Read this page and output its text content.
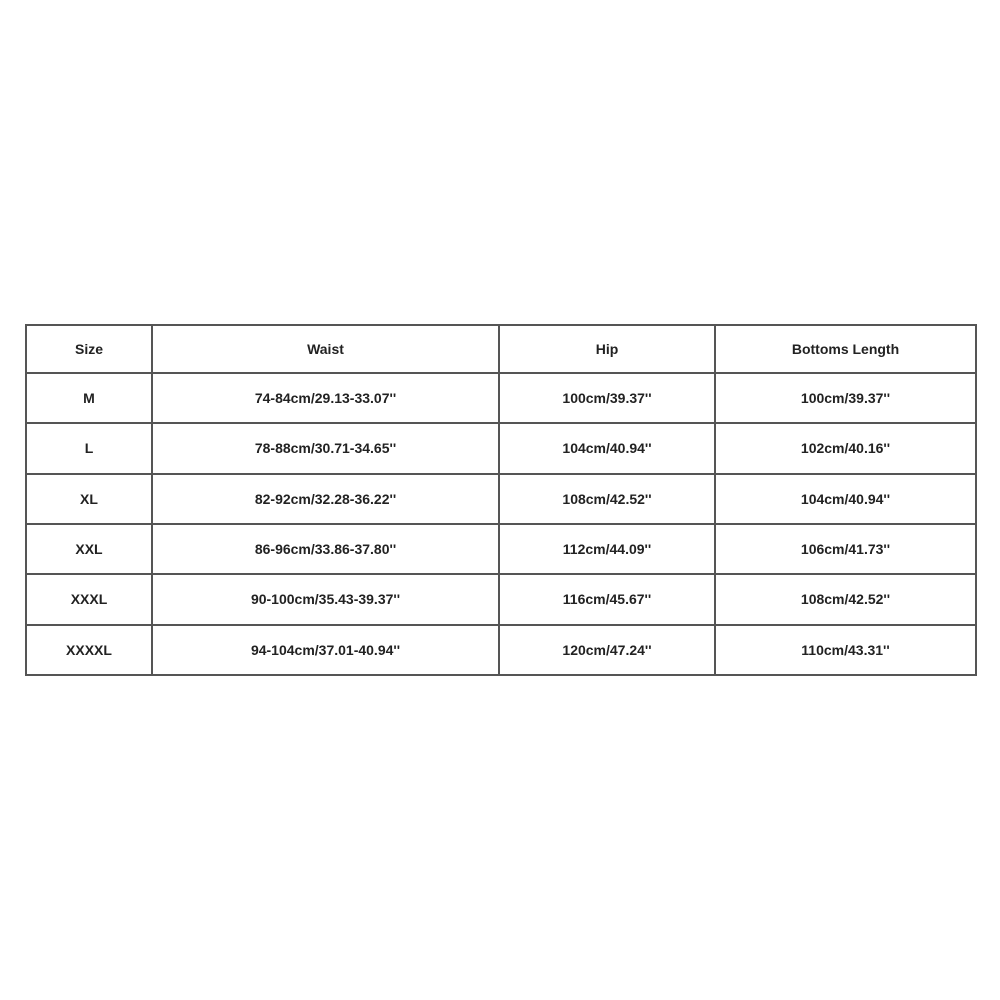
Size	Waist	Hip	Bottoms Length
M	74-84cm/29.13-33.07''	100cm/39.37''	100cm/39.37''
L	78-88cm/30.71-34.65''	104cm/40.94''	102cm/40.16''
XL	82-92cm/32.28-36.22''	108cm/42.52''	104cm/40.94''
XXL	86-96cm/33.86-37.80''	112cm/44.09''	106cm/41.73''
XXXL	90-100cm/35.43-39.37''	116cm/45.67''	108cm/42.52''
XXXXL	94-104cm/37.01-40.94''	120cm/47.24''	110cm/43.31''
